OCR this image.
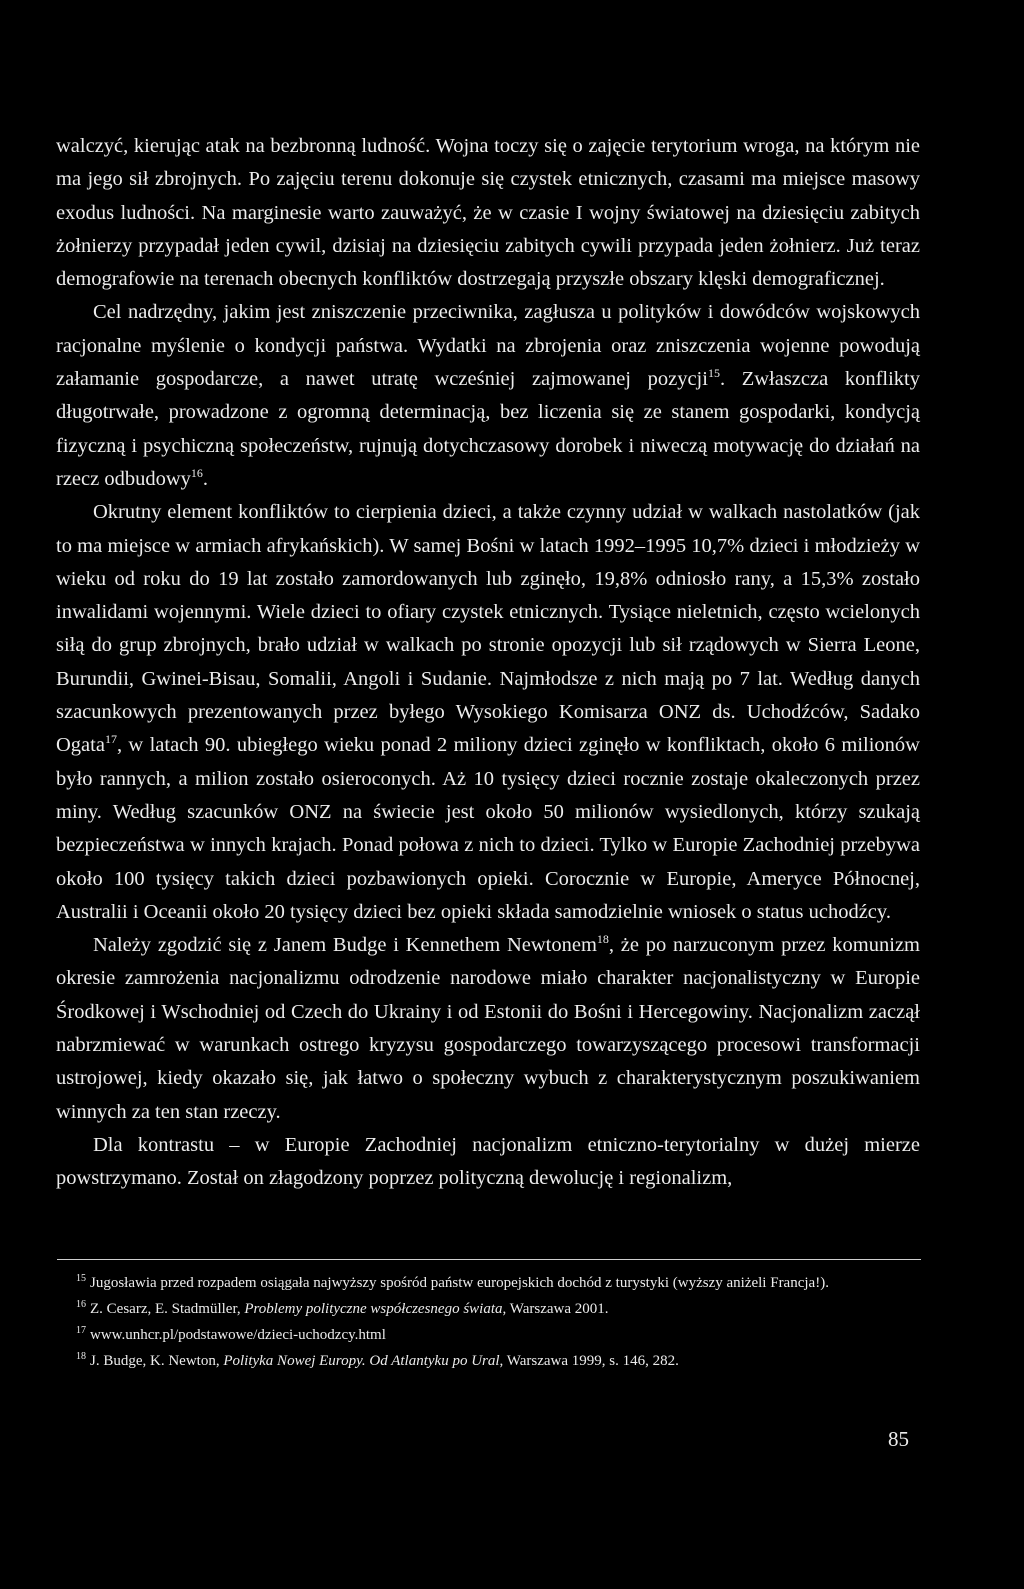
walczyć, kierując atak na bezbronną ludność. Wojna toczy się o zajęcie terytorium wroga, na którym nie ma jego sił zbrojnych. Po zajęciu terenu dokonuje się czystek etnicznych, czasami ma miejsce masowy exodus ludności. Na marginesie warto zauważyć, że w czasie I wojny światowej na dziesięciu zabitych żołnierzy przypadał jeden cywil, dzisiaj na dziesięciu zabitych cywili przypada jeden żołnierz. Już teraz demografowie na terenach obecnych konfliktów dostrzegają przyszłe obszary klęski demograficznej.

Cel nadrzędny, jakim jest zniszczenie przeciwnika, zagłusza u polityków i dowódców wojskowych racjonalne myślenie o kondycji państwa. Wydatki na zbrojenia oraz zniszczenia wojenne powodują załamanie gospodarcze, a nawet utratę wcześniej zajmowanej pozycji$^{15}$. Zwłaszcza konflikty długotrwałe, prowadzone z ogromną determinacją, bez liczenia się ze stanem gospodarki, kondycją fizyczną i psychiczną społeczeństw, rujnują dotychczasowy dorobek i niweczą motywację do działań na rzecz odbudowy$^{16}$.

Okrutny element konfliktów to cierpienia dzieci, a także czynny udział w walkach nastolatków (jak to ma miejsce w armiach afrykańskich). W samej Bośni w latach 1992–1995 10,7% dzieci i młodzieży w wieku od roku do 19 lat zostało zamordowanych lub zginęło, 19,8% odniosło rany, a 15,3% zostało inwalidami wojennymi. Wiele dzieci to ofiary czystek etnicznych. Tysiące nieletnich, często wcielonych siłą do grup zbrojnych, brało udział w walkach po stronie opozycji lub sił rządowych w Sierra Leone, Burundii, Gwinei-Bisau, Somalii, Angoli i Sudanie. Najmłodsze z nich mają po 7 lat. Według danych szacunkowych prezentowanych przez byłego Wysokiego Komisarza ONZ ds. Uchodźców, Sadako Ogata$^{17}$, w latach 90. ubiegłego wieku ponad 2 miliony dzieci zginęło w konfliktach, około 6 milionów było rannych, a milion zostało osieroconych. Aż 10 tysięcy dzieci rocznie zostaje okaleczonych przez miny. Według szacunków ONZ na świecie jest około 50 milionów wysiedlonych, którzy szukają bezpieczeństwa w innych krajach. Ponad połowa z nich to dzieci. Tylko w Europie Zachodniej przebywa około 100 tysięcy takich dzieci pozbawionych opieki. Corocznie w Europie, Ameryce Północnej, Australii i Oceanii około 20 tysięcy dzieci bez opieki składa samodzielnie wniosek o status uchodźcy.

Należy zgodzić się z Janem Budge i Kennethem Newtonem$^{18}$, że po narzuconym przez komunizm okresie zamrożenia nacjonalizmu odrodzenie narodowe miało charakter nacjonalistyczny w Europie Środkowej i Wschodniej od Czech do Ukrainy i od Estonii do Bośni i Hercegowiny. Nacjonalizm zaczął nabrzmiewać w warunkach ostrego kryzysu gospodarczego towarzyszącego procesowi transformacji ustrojowej, kiedy okazało się, jak łatwo o społeczny wybuch z charakterystycznym poszukiwaniem winnych za ten stan rzeczy.

Dla kontrastu – w Europie Zachodniej nacjonalizm etniczno-terytorialny w dużej mierze powstrzymano. Został on złagodzony poprzez polityczną dewolucję i regionalizm,

$^{15}$ Jugosławia przed rozpadem osiągała najwyższy spośród państw europejskich dochód z turystyki (wyższy aniżeli Francja!).

$^{16}$ Z. Cesarz, E. Stadmüller, Problemy polityczne współczesnego świata, Warszawa 2001.

$^{17}$ www.unhcr.pl/podstawowe/dzieci-uchodzcy.html

$^{18}$ J. Budge, K. Newton, Polityka Nowej Europy. Od Atlantyku po Ural, Warszawa 1999, s. 146, 282.

85
